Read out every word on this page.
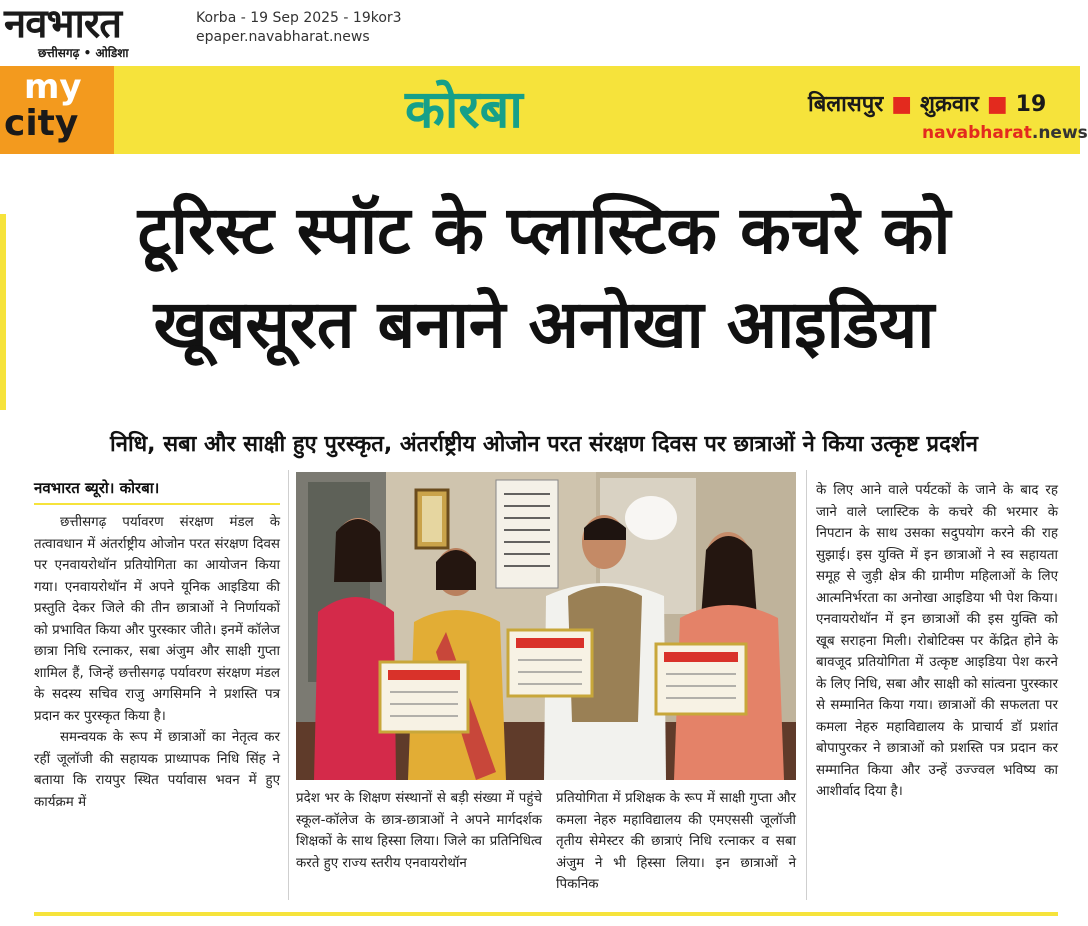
नवभारत
छत्तीसगढ़ • ओडिशा
Korba - 19 Sep 2025 - 19kor3
epaper.navabharat.news
my
city	कोरबा	बिलासपुर ■ शुक्रवार ■ 19
navabharat.news
टूरिस्ट स्पॉट के प्लास्टिक कचरे को
खूबसूरत बनाने अनोखा आइडिया
निधि, सबा और साक्षी हुए पुरस्कृत, अंतर्राष्ट्रीय ओजोन परत संरक्षण दिवस पर छात्राओं ने किया उत्कृष्ट प्रदर्शन
नवभारत ब्यूरो। कोरबा।

छत्तीसगढ़ पर्यावरण संरक्षण मंडल के तत्वावधान में अंतर्राष्ट्रीय ओजोन परत संरक्षण दिवस पर एनवायरोथॉन प्रतियोगिता का आयोजन किया गया। एनवायरोथॉन में अपने यूनिक आइडिया की प्रस्तुति देकर जिले की तीन छात्राओं ने निर्णायकों को प्रभावित किया और पुरस्कार जीते। इनमें कॉलेज छात्रा निधि रत्नाकर, सबा अंजुम और साक्षी गुप्ता शामिल हैं, जिन्हें छत्तीसगढ़ पर्यावरण संरक्षण मंडल के सदस्य सचिव राजु अगसिमनि ने प्रशस्ति पत्र प्रदान कर पुरस्कृत किया है।

समन्वयक के रूप में छात्राओं का नेतृत्व कर रहीं जूलॉजी की सहायक प्राध्यापक निधि सिंह ने बताया कि रायपुर स्थित पर्यावास भवन में हुए कार्यक्रम में	प्रदेश भर के शिक्षण संस्थानों से बड़ी संख्या में पहुंचे स्कूल-कॉलेज के छात्र-छात्राओं ने अपने मार्गदर्शक शिक्षकों के साथ हिस्सा लिया। जिले का प्रतिनिधित्व करते हुए राज्य स्तरीय एनवायरोथॉन

प्रतियोगिता में प्रशिक्षक के रूप में साक्षी गुप्ता और कमला नेहरु महाविद्यालय की एमएससी जूलॉजी तृतीय सेमेस्टर की छात्राएं निधि रत्नाकर व सबा अंजुम ने भी हिस्सा लिया। इन छात्राओं ने पिकनिक

के लिए आने वाले पर्यटकों के जाने के बाद रह जाने वाले प्लास्टिक के कचरे की भरमार के निपटान के साथ उसका सदुपयोग करने की राह सुझाई। इस युक्ति में इन छात्राओं ने स्व सहायता समूह से जुड़ी क्षेत्र की ग्रामीण महिलाओं के लिए आत्मनिर्भरता का अनोखा आइडिया भी पेश किया। एनवायरोथॉन में इन छात्राओं की इस युक्ति को खूब सराहना मिली। रोबोटिक्स पर केंद्रित होने के बावजूद प्रतियोगिता में उत्कृष्ट आइडिया पेश करने के लिए निधि, सबा और साक्षी को सांत्वना पुरस्कार से सम्मानित किया गया। छात्राओं की सफलता पर कमला नेहरु महाविद्यालय के प्राचार्य डॉ प्रशांत बोपापुरकर ने छात्राओं को प्रशस्ति पत्र प्रदान कर सम्मानित किया और उन्हें उज्ज्वल भविष्य का आशीर्वाद दिया है।
